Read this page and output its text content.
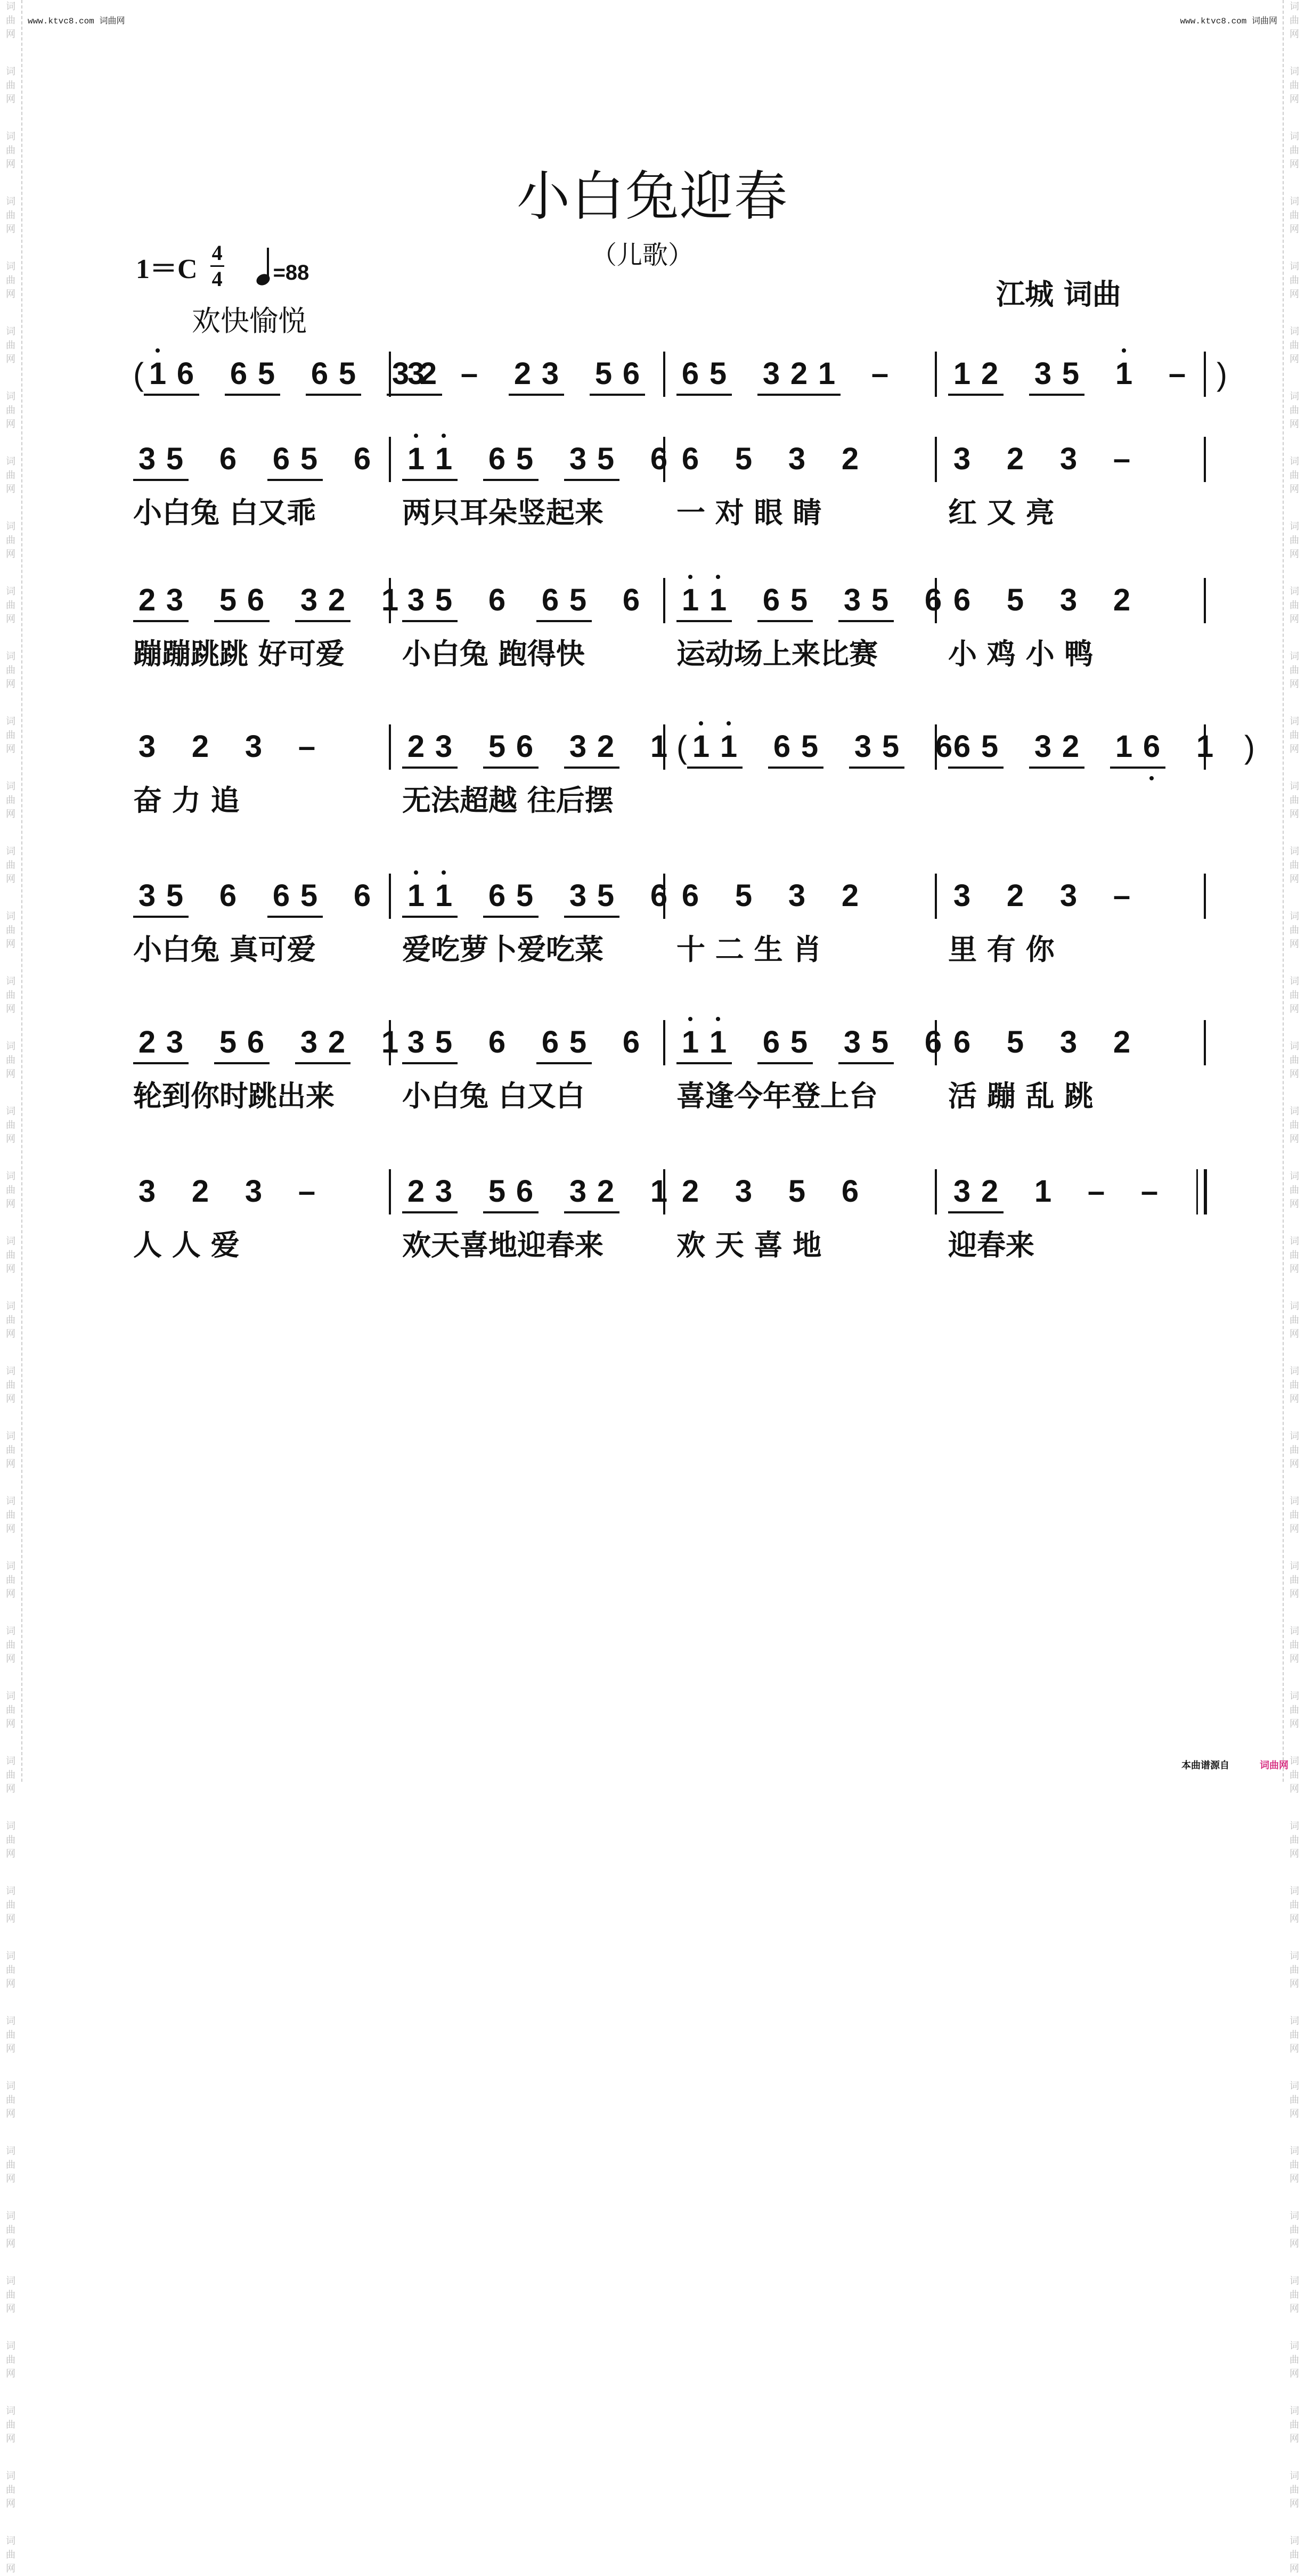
词
曲
网
词
曲
网
词
曲
网
词
曲
网
词
曲
网
词
曲
网
词
曲
网
词
曲
网
词
曲
网
词
曲
网
词
曲
网
词
曲
网
词
曲
网
词
曲
网
词
曲
网
词
曲
网
词
曲
网
词
曲
网
词
曲
网
词
曲
网
词
曲
网
词
曲
网
词
曲
网
词
曲
网
词
曲
网
词
曲
网
词
曲
网
词
曲
网
词
曲
网
词
曲
网
词
曲
网
词
曲
网
词
曲
网
词
曲
网
词
曲
网
词
曲
网
词
曲
网
词
曲
网
词
曲
网
词
曲
网
词
曲
网
词
曲
网
词
曲
网
词
曲
网
词
曲
网
词
曲
网
词
曲
网
词
曲
网
词
曲
网
词
曲
网
词
曲
网
词
曲
网
词
曲
网
词
曲
网
词
曲
网
词
曲
网
词
曲
网
词
曲
网
词
曲
网
词
曲
网
词
曲
网
词
曲
网
词
曲
网
词
曲
网
词
曲
网
词
曲
网
词
曲
网
词
曲
网
词
曲
网
词
曲
网
词
曲
网
词
曲
网
词
曲
网
词
曲
网
词
曲
网
词
曲
网
词
曲
网
词
曲
网
词
曲
网
词
曲
网
www.ktvc8.com 词曲网	www.ktvc8.com 词曲网
小白兔迎春
（儿歌）
$1=C \frac{4}{4} =88$
欢快愉悦
江城 词曲
( 1 6 6 5 6 5 3 2
3 – 2 3 5 6 6 5 3 2 1 – 1 2 3 5 1 – )
3 5 6 6 5 6 1 1 6 5 3 5 6 6 5 3 2	3 2 3 –
小白兔 白又乖	两只耳朵竖起来	一 对 眼 睛	红 又 亮
2 3 5 6 3 2 1 3 5 6 6 5 6 1 1 6 5 3 5 6 6 5 3 2
蹦蹦跳跳 好可爱 小白兔 跑得快	运动场上来比赛 小 鸡 小 鸭
3 2 3 –	2 3 5 6 3 2 1 ( 1 1 6 5 3 5 6 6 5 3 2 1 6 1 )
奋 力 追	无法超越 往后摆
3 5 6 6 5 6 1 1 6 5 3 5 6 6 5 3 2	3 2 3 –
小白兔 真可爱	爱吃萝卜爱吃菜	十 二 生 肖	里 有 你
2 3 5 6 3 2 1 3 5 6 6 5 6 1 1 6 5 3 5 6 6 5 3 2
轮到你时跳出来 小白兔 白又白	喜逢今年登上台 活 蹦 乱 跳
3 2 3 –	2 3 5 6 3 2 1 2 3 5 6	3 2 1 – –
人 人 爱	欢天喜地迎春来	欢 天 喜 地	迎春来
本曲谱源自	词曲网
